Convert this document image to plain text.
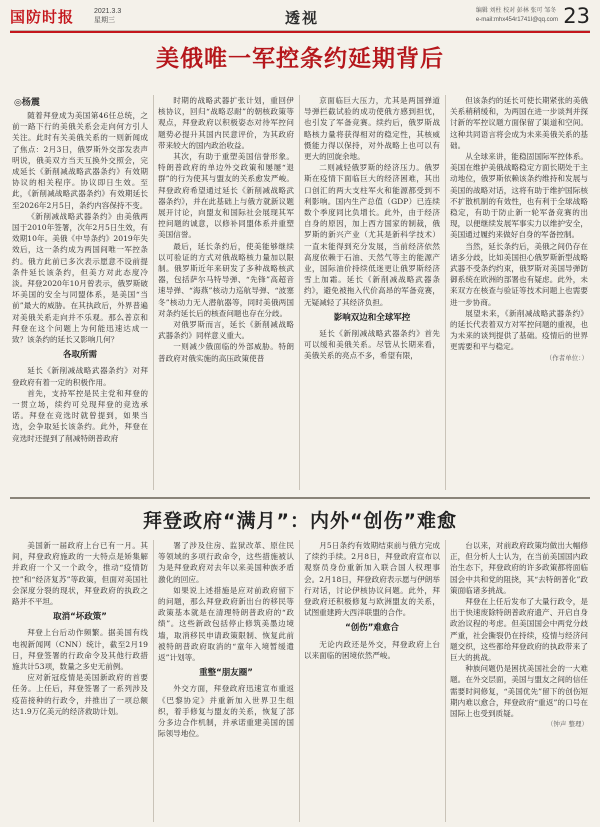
国防时报	2021.3.3
星期三	透视	编辑 刘柱 校对 彭林 张可 邹冬
e-mail:mhx454r1741I@qq.com 23
美俄唯一军控条约延期背后
◎杨震

随着拜登成为美国第46任总统，之前一路下行的美俄关系会走向何方引人关注。此时有关美俄关系的一则新闻成了焦点：2月3日，俄罗斯外交部发表声明说，俄美双方当天互换外交照会，完成延长《新削减战略武器条约》有效期协议的相关程序。协议即日生效。至此，《新削减战略武器条约》有效期延长至2026年2月5日，条约内容保持不变。

《新削减战略武器条约》由美俄两国于2010年签署，次年2月5日生效，有效期10年。美俄《中导条约》2019年失效后，这一条约成为两国间唯一军控条约。俄方此前已多次表示愿意不设前提条件延长该条约，但美方对此态度冷淡。拜登2020年10月曾表示，俄罗斯破坏美国的安全与同盟体系，是美国“当前”最大的威胁。在其执政后，外界普遍对美俄关系走向并不乐观。那么普京和拜登在这个问题上为何能迅速达成一致？该条约的延长又影响几何？

各取所需

延长《新削减战略武器条约》对拜登政府有着一定的积极作用。

首先，支持军控是民主党和拜登的一贯立场，续约可兑现拜登的竞选承诺。拜登在竞选时就曾提到，如果当选，会争取延长该条约。此外，拜登在竞选时还提到了削减特朗普政府

时期的战略武器扩张计划，重回伊核协议，回归“战略忍耐”的朝核政策等观点，拜登政府以积极姿态对待军控问题势必提升其国内民意评价，为其政府带来较大的国内政治收益。

其次，有助于重塑美国信誉形象。特朗普政府的单边外交政策和屡屡“退群”的行为使其与盟友的关系愈发严峻。拜登政府希望通过延长《新削减战略武器条约》，并在此基础上与俄方就新议题展开讨论，向盟友和国际社会展现其军控问题的诚意，以修补同盟体系并重塑美国信誉。

最后，延长条约后，使美能够继续以可验证的方式对俄战略核力量加以限制。俄罗斯近年来研发了多种战略核武器，包括萨尔马特导弹、“先锋”高超音速导弹、“海燕”核动力巡航导弹、“波塞冬”核动力无人潜航器等，同时美俄两国对条约延长后的核查问题也存在分歧。

对俄罗斯而言，延长《新削减战略武器条约》同样意义重大。

一则减少俄面临的外部威胁。特朗普政府对俄实施的高压政策使普

京面临巨大压力，尤其是两国弹道导弹拦截试验的成功使俄方感到担忧，也引发了军备竞赛。续约后，俄罗斯战略核力量将获得相对的稳定性，其核威慑能力得以保持，对外战略上也可以有更大的回旋余地。

二则减轻俄罗斯的经济压力。俄罗斯在疫情下面临巨大的经济困难，其出口创汇的两大支柱军火和能源都受到不利影响。国内生产总值（GDP）已连续数个季度同比负增长。此外，由于经济自身的原因，加上西方国家的制裁，俄罗斯的新兴产业（尤其是新科学技术）一直未能得到充分发展，当前经济依然高度依赖于石油、天然气等主的能源产业，国际油价持续低迷更让俄罗斯经济雪上加霜。延长《新削减战略武器条约》，避免被拖入代价高昂的军备竞赛，无疑减轻了其经济负担。

影响双边和全球军控

延长《新削减战略武器条约》首先可以缓和美俄关系。尽管从长期来看，美俄关系的亮点不多，希望有限，

但该条约的延长可使长期紧张的美俄关系稍稍缓和，为两国在进一步谈判并探讨新的军控议题方面保留了渠道和空间。这种共同语言将会成为未来美俄关系的基础。

从全球来讲，能稳固国际军控体系。美国在维护美俄战略稳定方面长期处于主动地位，俄罗斯依赖该条约维持和发展与美国的战略对话，这将有助于维护国际核不扩散机制的有效性，也有利于全球战略稳定，有助于防止新一轮军备竞赛的出现，以便继续发展军事实力以维护安全，美国通过履约来做好自身的军备控制。

当然，延长条约后，美俄之间仍存在诸多分歧，比如美国担心俄罗斯新型战略武器不受条约约束，俄罗斯对美国导弹防御系统在欧洲的部署也有疑虑。此外，未来双方在核查与验证等技术问题上也需要进一步协商。

展望未来，《新削减战略武器条约》的延长代表着双方对军控问题的重视，也为未来的谈判提供了基础。疫情后的世界更需要和平与稳定。

（作者单位：）

拜登政府“满月”：内外“创伤”难愈

美国新一届政府上台已有一月。其间，拜登政府施政的一大特点是矫集解并政府一个又一个政令，推动“疫情防控”和“经济复苏”等政策，但面对美国社会深度分裂的现状，拜登政府的执政之路并不平坦。

取消“坏政策”

拜登上台后动作频繁。据美国有线电视新闻网（CNN）统计，截至2月19日，拜登签署的行政命令及其他行政措施共计53项，数量之多史无前例。

应对新冠疫情是美国新政府的首要任务。上任后，拜登签署了一系列涉及疫苗接种的行政令，并推出了一项总额达1.9万亿美元的经济救助计划。

署了涉及住房、监狱改革、原住民等领域的多项行政命令，这些措施被认为是拜登政府对去年以来美国种族矛盾激化的回应。

如果说上述措施是应对前政府留下的问题，那么拜登政府新出台的移民等政策基本就是在清理特朗普政府的“政绩”。这些新政包括停止修筑美墨边境墙，取消移民申请政策限制、恢复此前被特朗普政府取消的“童年入境暂缓遣返”计划等。

重整“朋友圈”

外交方面，拜登政府迅速宣布重返《巴黎协定》并重新加入世界卫生组织，着手修复与盟友的关系，恢复了部分多边合作机制，并承诺重建美国的国际领导地位。

月5日条约有效期结束前与俄方完成了续约手续。2月8日，拜登政府宣布以观察员身份重新加入联合国人权理事会。2月18日，拜登政府表示愿与伊朗举行对话，讨论伊核协议问题。此外，拜登政府还积极修复与欧洲盟友的关系，试图重建跨大西洋联盟的合作。

“创伤”难愈合

无论内政还是外交，拜登政府上台以来面临的困境依然严峻。

台以来，对前政府政策均做出大幅修正，但分析人士认为，在当前美国国内政治生态下，拜登政府的许多政策都将面临国会中共和党的阻挠，其“去特朗普化”政策面临诸多挑战。

拜登在上任后发布了大量行政令，是出于快速废除特朗普政府遗产、开启自身政治议程的考虑。但美国国会中两党分歧严重，社会撕裂仍在持续，疫情与经济问题交织，这些都给拜登政府的执政带来了巨大的挑战。

种族问题仍是困扰美国社会的一大难题。在外交层面，美国与盟友之间的信任需要时间修复，“美国优先”留下的创伤短期内难以愈合，拜登政府“重返”的口号在国际上也受到质疑。

（钟声 整理）
